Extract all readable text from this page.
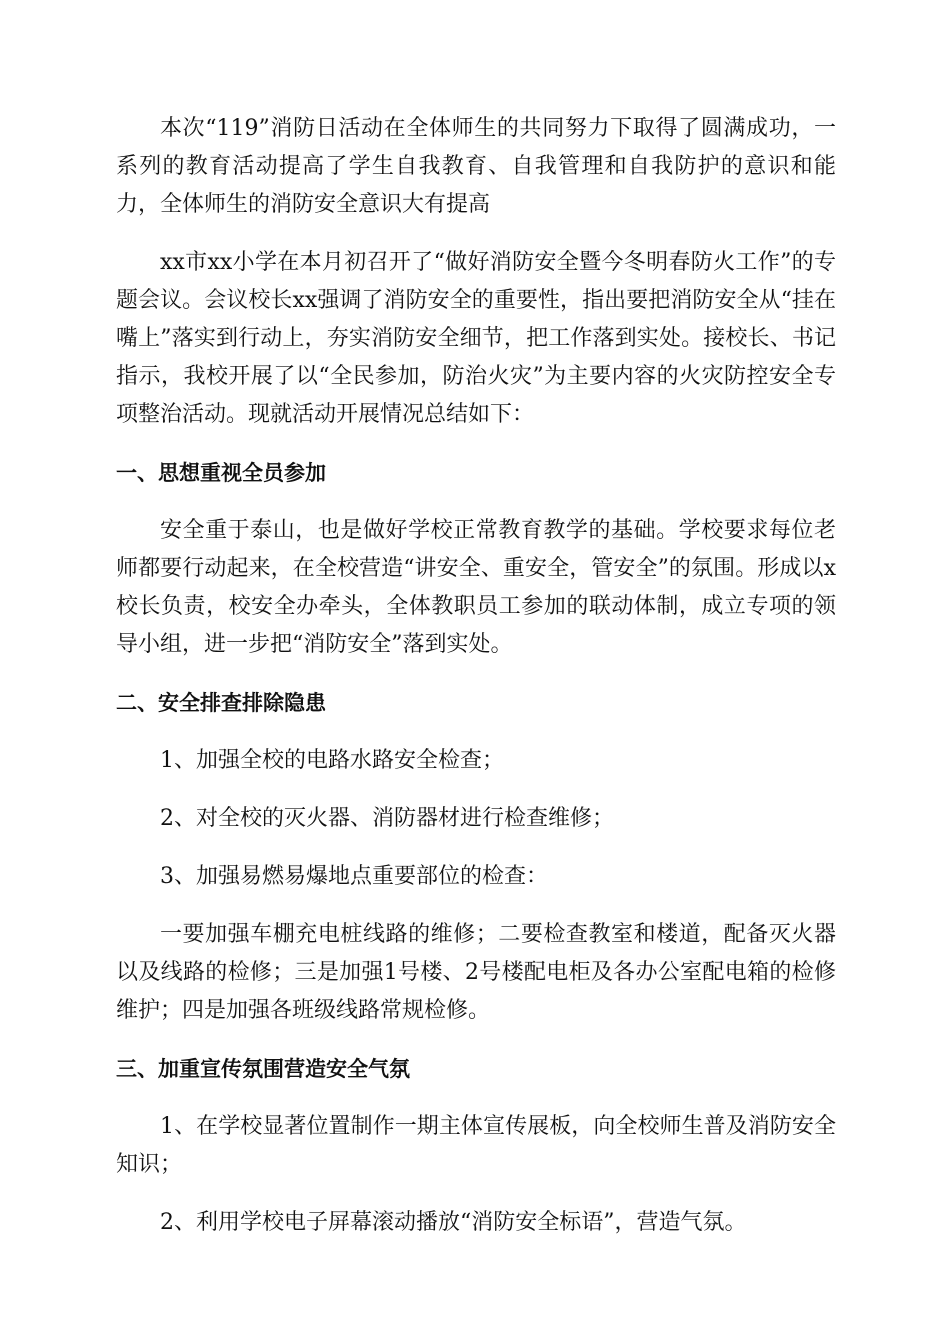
本次“119”消防日活动在全体师生的共同努力下取得了圆满成功，一系列的教育活动提高了学生自我教育、自我管理和自我防护的意识和能力，全体师生的消防安全意识大有提高

xx市xx小学在本月初召开了“做好消防安全暨今冬明春防火工作”的专题会议。会议校长xx强调了消防安全的重要性，指出要把消防安全从“挂在嘴上”落实到行动上，夯实消防安全细节，把工作落到实处。接校长、书记指示，我校开展了以“全民参加，防治火灾”为主要内容的火灾防控安全专项整治活动。现就活动开展情况总结如下：

一、思想重视全员参加

安全重于泰山，也是做好学校正常教育教学的基础。学校要求每位老师都要行动起来，在全校营造“讲安全、重安全，管安全”的氛围。形成以x校长负责，校安全办牵头，全体教职员工参加的联动体制，成立专项的领导小组，进一步把“消防安全”落到实处。

二、安全排查排除隐患

1、加强全校的电路水路安全检查；

2、对全校的灭火器、消防器材进行检查维修；

3、加强易燃易爆地点重要部位的检查：

一要加强车棚充电桩线路的维修；二要检查教室和楼道，配备灭火器以及线路的检修；三是加强1号楼、2号楼配电柜及各办公室配电箱的检修维护；四是加强各班级线路常规检修。

三、加重宣传氛围营造安全气氛

1、在学校显著位置制作一期主体宣传展板，向全校师生普及消防安全知识；

2、利用学校电子屏幕滚动播放“消防安全标语”，营造气氛。
